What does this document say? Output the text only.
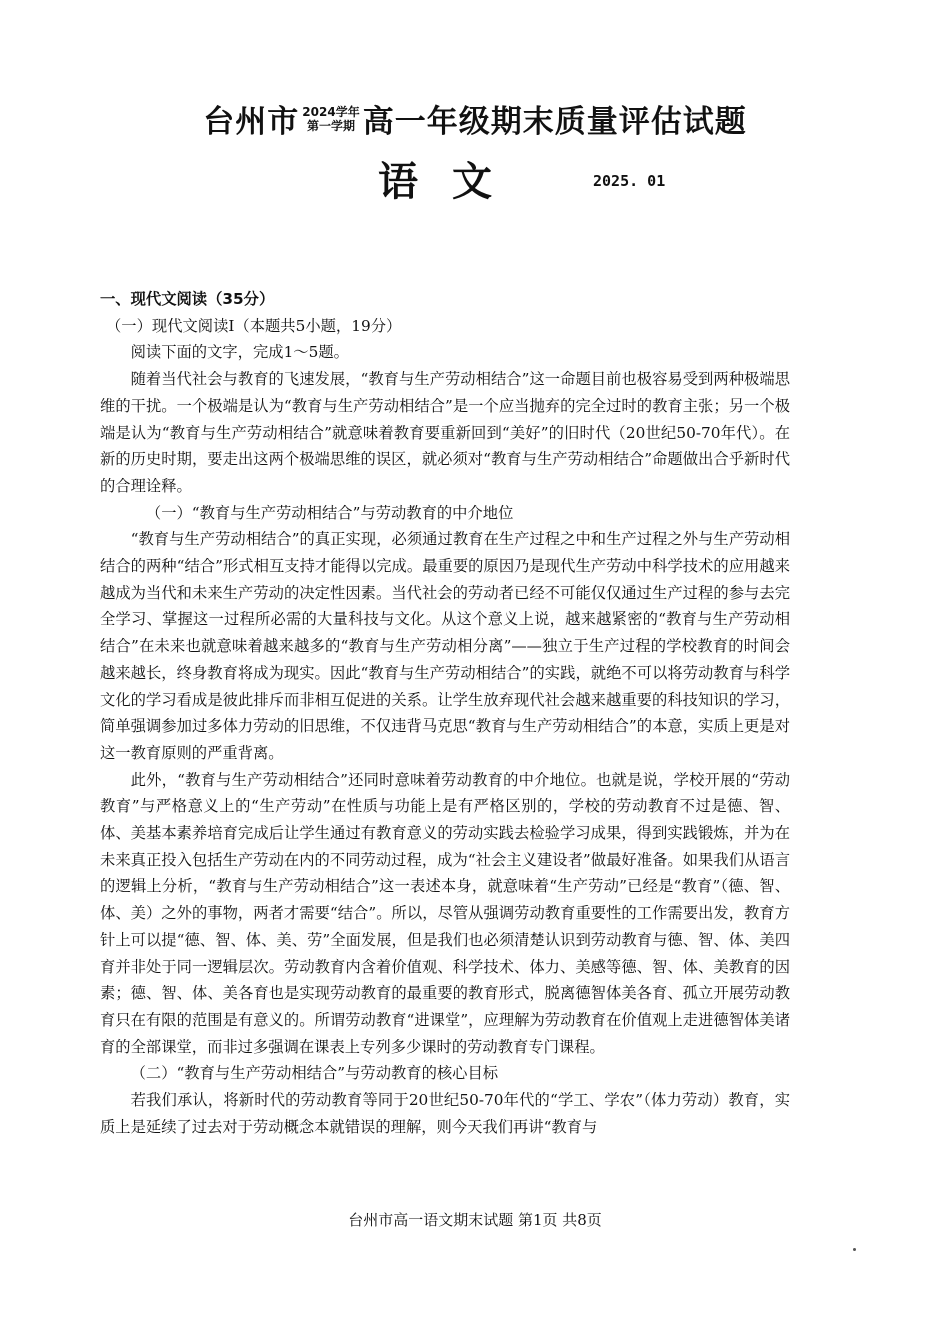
台州市 2024学年
第一学期 高一年级期末质量评估试题
语文	2025. 01

一、现代文阅读（35分）

（一）现代文阅读Ⅰ（本题共5小题，19分）

阅读下面的文字，完成1～5题。

随着当代社会与教育的飞速发展，“教育与生产劳动相结合”这一命题目前也极容易受到两种极端思维的干扰。一个极端是认为“教育与生产劳动相结合”是一个应当抛弃的完全过时的教育主张；另一个极端是认为“教育与生产劳动相结合”就意味着教育要重新回到“美好”的旧时代（20世纪50-70年代）。在新的历史时期，要走出这两个极端思维的误区，就必须对“教育与生产劳动相结合”命题做出合乎新时代的合理诠释。

（一）“教育与生产劳动相结合”与劳动教育的中介地位

“教育与生产劳动相结合”的真正实现，必须通过教育在生产过程之中和生产过程之外与生产劳动相结合的两种“结合”形式相互支持才能得以完成。最重要的原因乃是现代生产劳动中科学技术的应用越来越成为当代和未来生产劳动的决定性因素。当代社会的劳动者已经不可能仅仅通过生产过程的参与去完全学习、掌握这一过程所必需的大量科技与文化。从这个意义上说，越来越紧密的“教育与生产劳动相结合”在未来也就意味着越来越多的“教育与生产劳动相分离”——独立于生产过程的学校教育的时间会越来越长，终身教育将成为现实。因此“教育与生产劳动相结合”的实践，就绝不可以将劳动教育与科学文化的学习看成是彼此排斥而非相互促进的关系。让学生放弃现代社会越来越重要的科技知识的学习，简单强调参加过多体力劳动的旧思维，不仅违背马克思“教育与生产劳动相结合”的本意，实质上更是对这一教育原则的严重背离。

此外，“教育与生产劳动相结合”还同时意味着劳动教育的中介地位。也就是说，学校开展的“劳动教育”与严格意义上的“生产劳动”在性质与功能上是有严格区别的，学校的劳动教育不过是德、智、体、美基本素养培育完成后让学生通过有教育意义的劳动实践去检验学习成果，得到实践锻炼，并为在未来真正投入包括生产劳动在内的不同劳动过程，成为“社会主义建设者”做最好准备。如果我们从语言的逻辑上分析，“教育与生产劳动相结合”这一表述本身，就意味着“生产劳动”已经是“教育”（德、智、体、美）之外的事物，两者才需要“结合”。所以，尽管从强调劳动教育重要性的工作需要出发，教育方针上可以提“德、智、体、美、劳”全面发展，但是我们也必须清楚认识到劳动教育与德、智、体、美四育并非处于同一逻辑层次。劳动教育内含着价值观、科学技术、体力、美感等德、智、体、美教育的因素；德、智、体、美各育也是实现劳动教育的最重要的教育形式，脱离德智体美各育、孤立开展劳动教育只在有限的范围是有意义的。所谓劳动教育“进课堂”，应理解为劳动教育在价值观上走进德智体美诸育的全部课堂，而非过多强调在课表上专列多少课时的劳动教育专门课程。

（二）“教育与生产劳动相结合”与劳动教育的核心目标

若我们承认，将新时代的劳动教育等同于20世纪50-70年代的“学工、学农”（体力劳动）教育，实质上是延续了过去对于劳动概念本就错误的理解，则今天我们再讲“教育与

台州市高一语文期末试题 第1页 共8页
